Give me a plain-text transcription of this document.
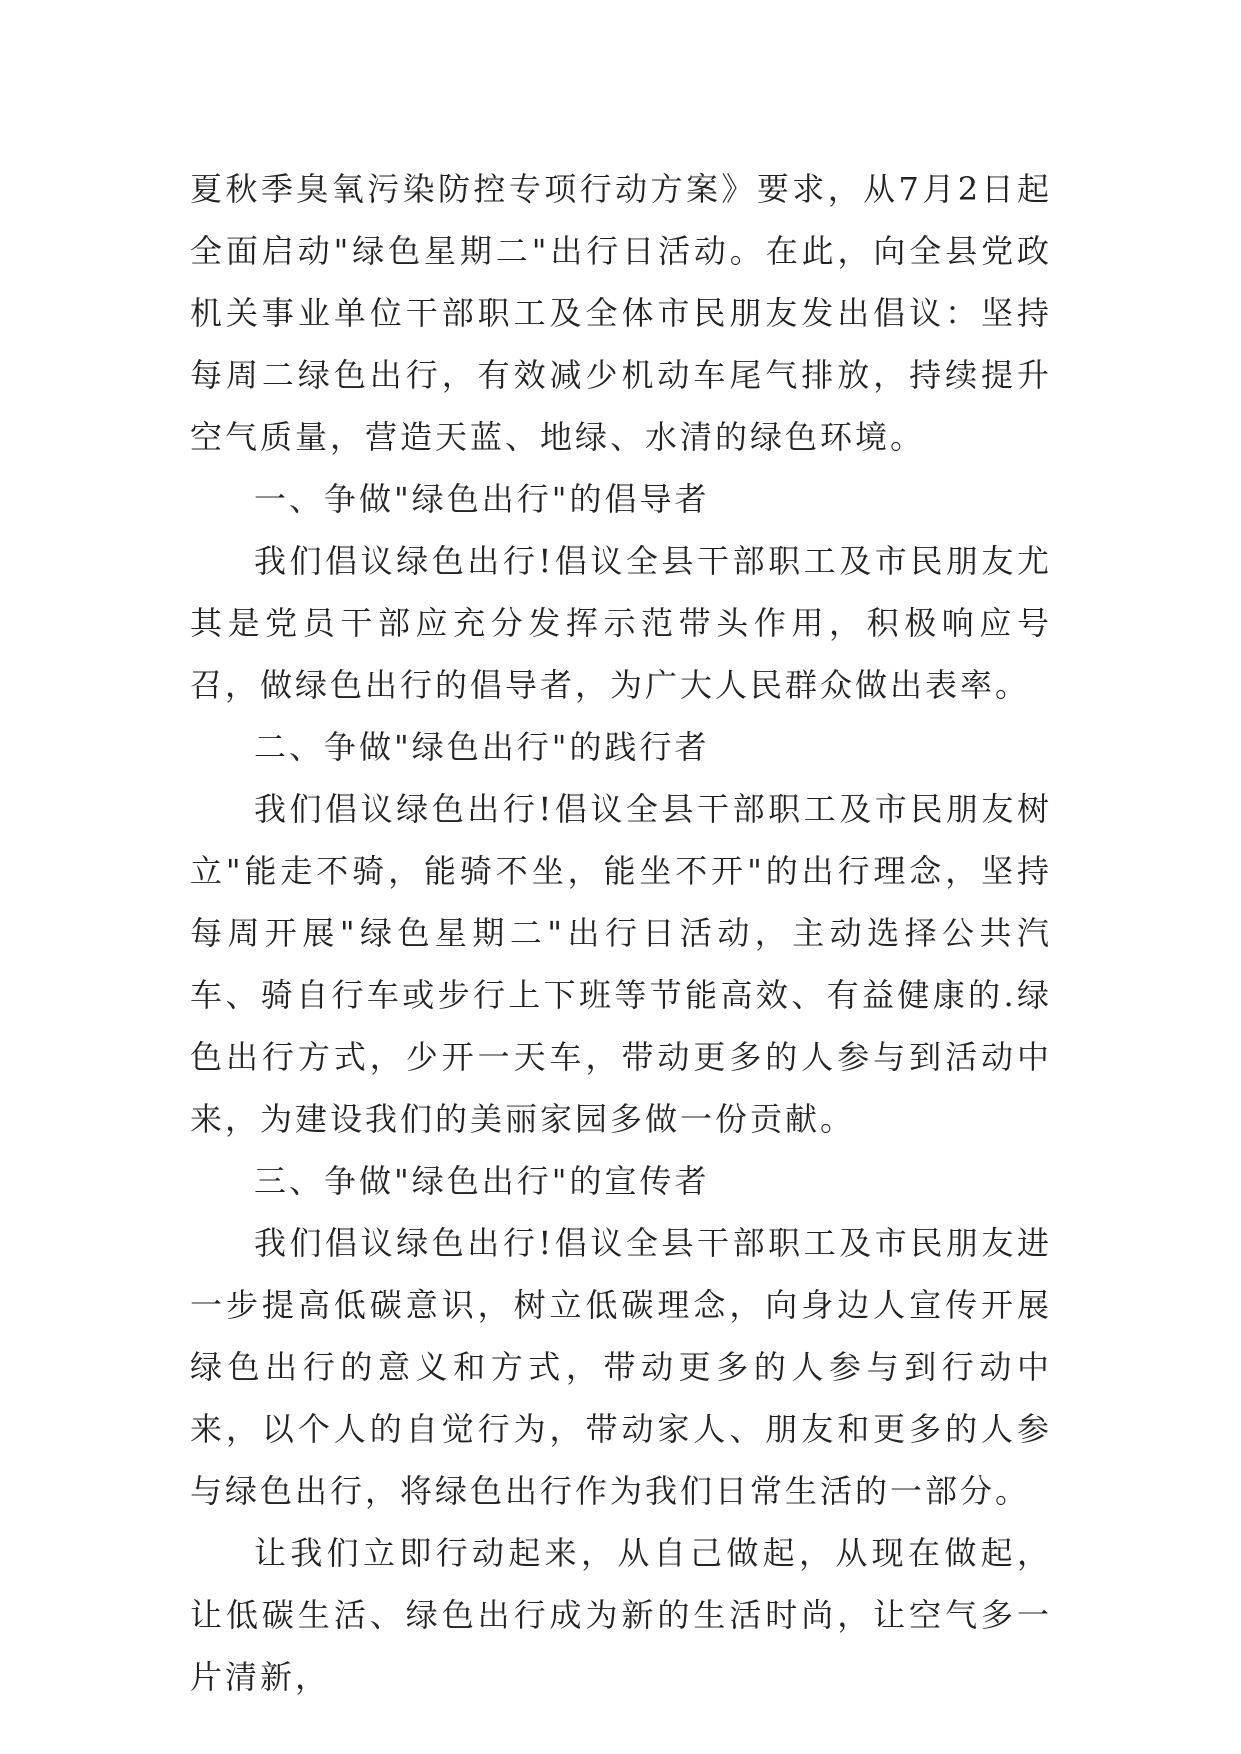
夏秋季臭氧污染防控专项行动方案》要求，从7月2日起全面启动"绿色星期二"出行日活动。在此，向全县党政机关事业单位干部职工及全体市民朋友发出倡议：坚持每周二绿色出行，有效减少机动车尾气排放，持续提升空气质量，营造天蓝、地绿、水清的绿色环境。

一、争做"绿色出行"的倡导者

我们倡议绿色出行!倡议全县干部职工及市民朋友尤其是党员干部应充分发挥示范带头作用，积极响应号召，做绿色出行的倡导者，为广大人民群众做出表率。

二、争做"绿色出行"的践行者

我们倡议绿色出行!倡议全县干部职工及市民朋友树立"能走不骑，能骑不坐，能坐不开"的出行理念，坚持每周开展"绿色星期二"出行日活动，主动选择公共汽车、骑自行车或步行上下班等节能高效、有益健康的.绿色出行方式，少开一天车，带动更多的人参与到活动中来，为建设我们的美丽家园多做一份贡献。

三、争做"绿色出行"的宣传者

我们倡议绿色出行!倡议全县干部职工及市民朋友进一步提高低碳意识，树立低碳理念，向身边人宣传开展绿色出行的意义和方式，带动更多的人参与到行动中来，以个人的自觉行为，带动家人、朋友和更多的人参与绿色出行，将绿色出行作为我们日常生活的一部分。

让我们立即行动起来，从自己做起，从现在做起，让低碳生活、绿色出行成为新的生活时尚，让空气多一片清新，
